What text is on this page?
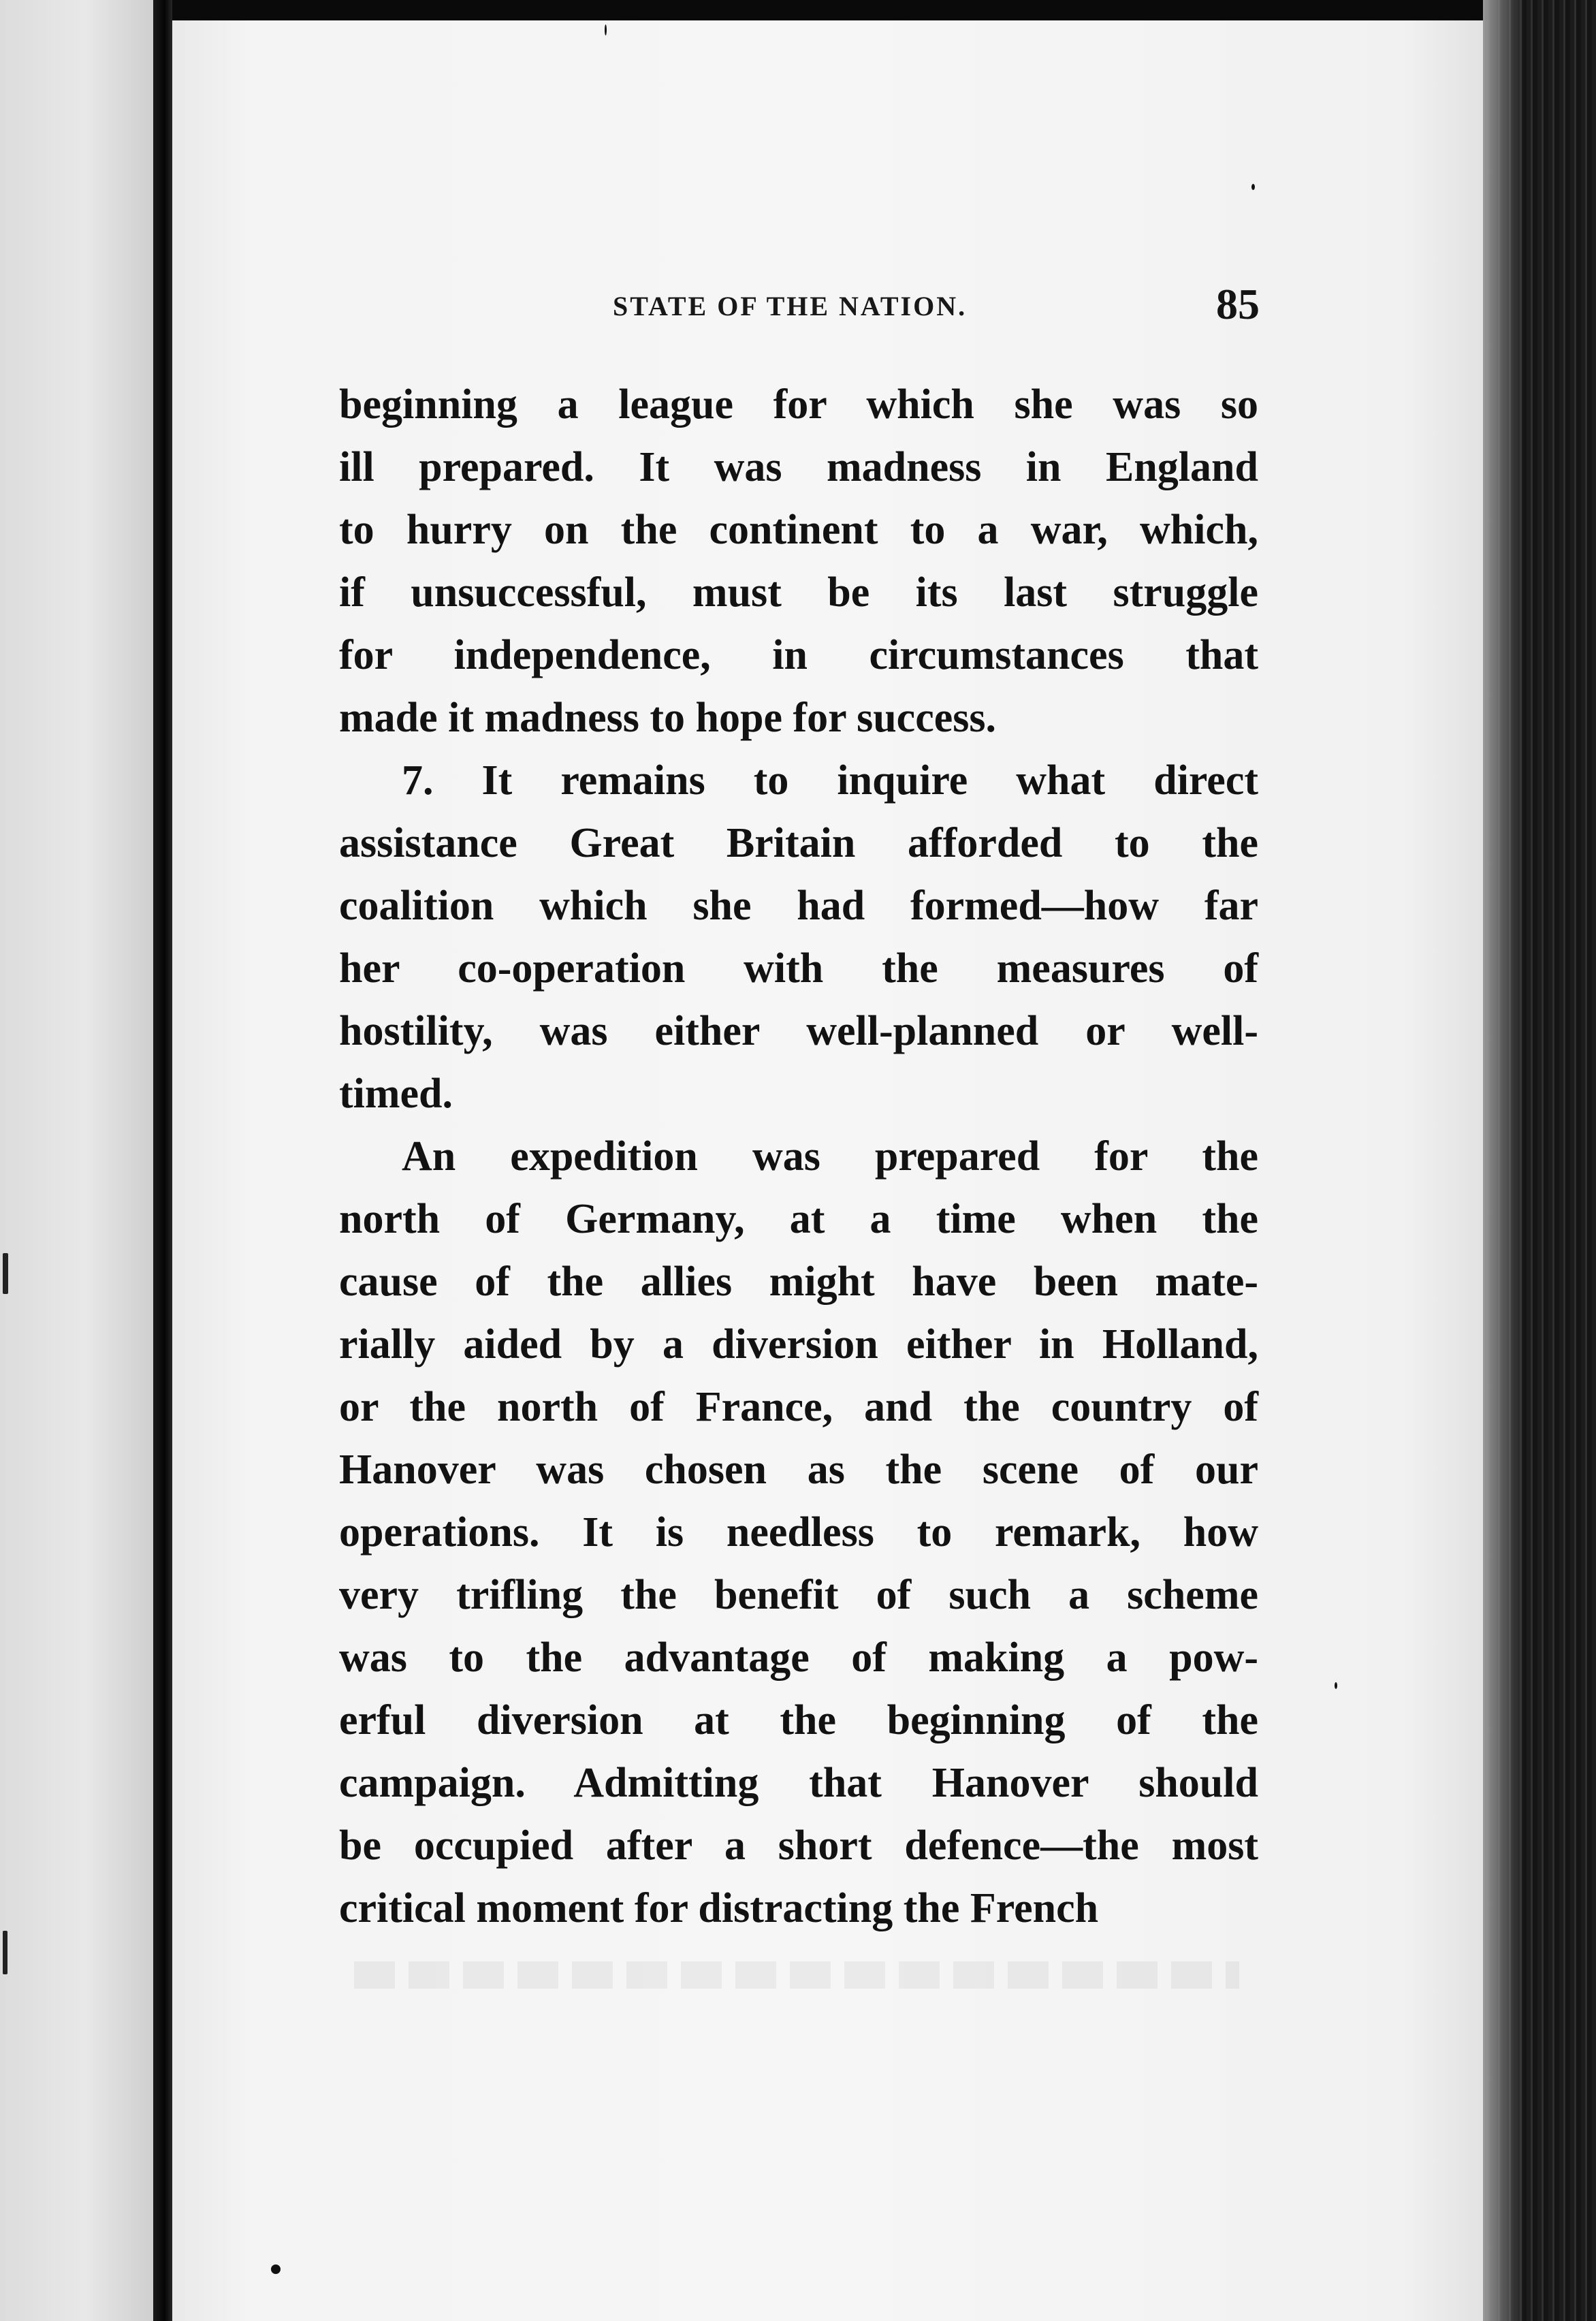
STATE OF THE NATION.	85
beginning a league for which she was so
ill prepared. It was madness in England
to hurry on the continent to a war, which,
if unsuccessful, must be its last struggle
for independence, in circumstances that
made it madness to hope for success.
7. It remains to inquire what direct
assistance Great Britain afforded to the
coalition which she had formed—how far
her co-operation with the measures of
hostility, was either well-planned or well-
timed.
An expedition was prepared for the
north of Germany, at a time when the
cause of the allies might have been mate-
rially aided by a diversion either in Holland,
or the north of France, and the country of
Hanover was chosen as the scene of our
operations. It is needless to remark, how
very trifling the benefit of such a scheme
was to the advantage of making a pow-
erful diversion at the beginning of the
campaign. Admitting that Hanover should
be occupied after a short defence—the most
critical moment for distracting the French
